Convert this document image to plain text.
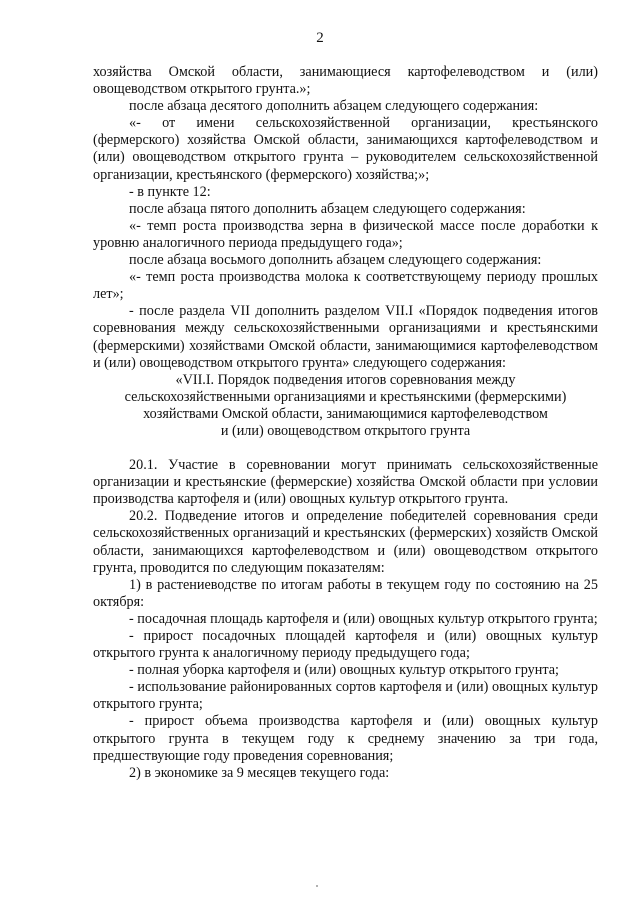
2

хозяйства Омской области, занимающиеся картофелеводством и (или) овощеводством открытого грунта.»;

после абзаца десятого дополнить абзацем следующего содержания:

«- от имени сельскохозяйственной организации, крестьянского (фермерского) хозяйства Омской области, занимающихся картофелеводством и (или) овощеводством открытого грунта – руководителем сельскохозяйственной организации, крестьянского (фермерского) хозяйства;»;

- в пункте 12:

после абзаца пятого дополнить абзацем следующего содержания:

«- темп роста производства зерна в физической массе после доработки к уровню аналогичного периода предыдущего года»;

после абзаца восьмого дополнить абзацем следующего содержания:

«- темп роста производства молока к соответствующему периоду прошлых лет»;

- после раздела VII дополнить разделом VII.I «Порядок подведения итогов соревнования между сельскохозяйственными организациями и крестьянскими (фермерскими) хозяйствами Омской области, занимающимися картофелеводством и (или) овощеводством открытого грунта» следующего содержания:

«VII.I. Порядок подведения итогов соревнования между

сельскохозяйственными организациями и крестьянскими (фермерскими)

хозяйствами Омской области, занимающимися картофелеводством

и (или) овощеводством открытого грунта

20.1. Участие в соревновании могут принимать сельскохозяйственные организации и крестьянские (фермерские) хозяйства Омской области при условии производства картофеля и (или) овощных культур открытого грунта.

20.2. Подведение итогов и определение победителей соревнования среди сельскохозяйственных организаций и крестьянских (фермерских) хозяйств Омской области, занимающихся картофелеводством и (или) овощеводством открытого грунта, проводится по следующим показателям:

1) в растениеводстве по итогам работы в текущем году по состоянию на 25 октября:

- посадочная площадь картофеля и (или) овощных культур открытого грунта;

- прирост посадочных площадей картофеля и (или) овощных культур открытого грунта к аналогичному периоду предыдущего года;

- полная уборка картофеля и (или) овощных культур открытого грунта;

- использование районированных сортов картофеля и (или) овощных культур открытого грунта;

- прирост объема производства картофеля и (или) овощных культур открытого грунта в текущем году к среднему значению за три года, предшествующие году проведения соревнования;

2) в экономике за 9 месяцев текущего года:
